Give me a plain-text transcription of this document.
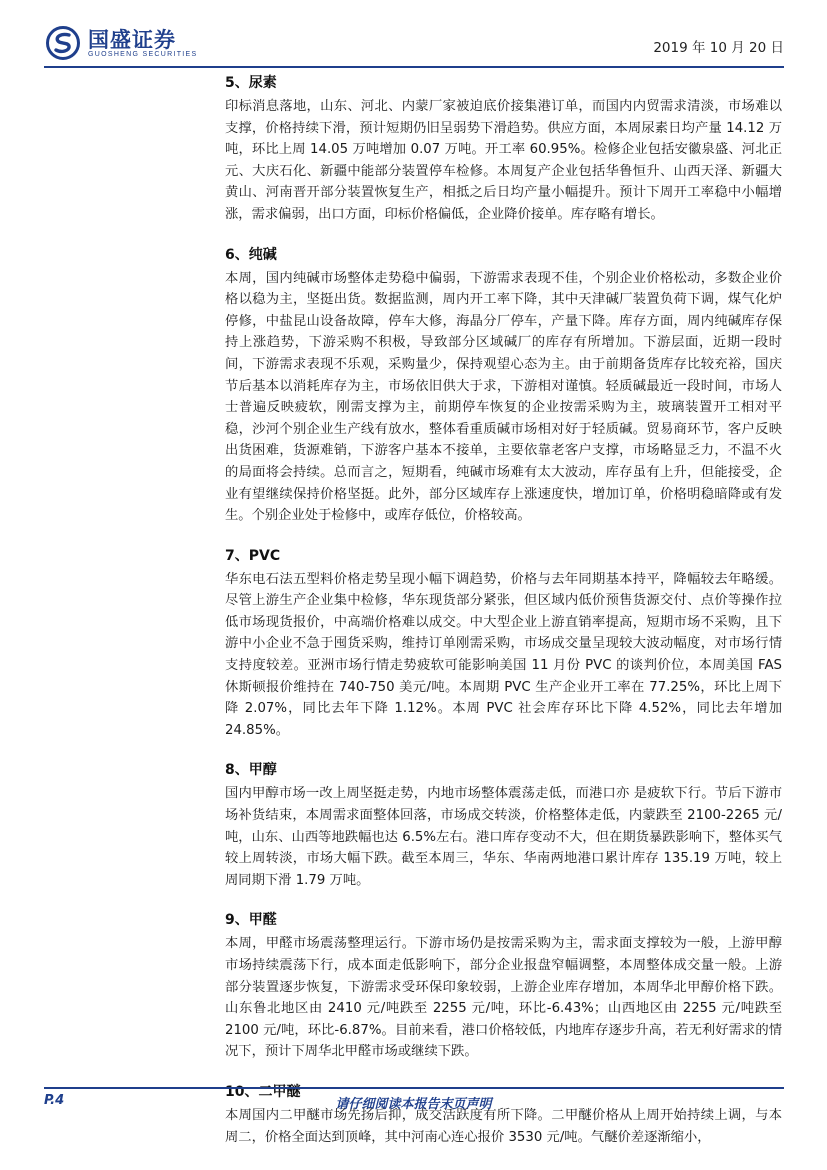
国盛证券
GUOSHENG SECURITIES	2019 年 10 月 20 日
5、尿素

印标消息落地，山东、河北、内蒙厂家被迫底价接集港订单，而国内内贸需求清淡，市场难以支撑，价格持续下滑，预计短期仍旧呈弱势下滑趋势。供应方面，本周尿素日均产量 14.12 万吨，环比上周 14.05 万吨增加 0.07 万吨。开工率 60.95%。检修企业包括安徽泉盛、河北正元、大庆石化、新疆中能部分装置停车检修。本周复产企业包括华鲁恒升、山西天泽、新疆大黄山、河南晋开部分装置恢复生产，相抵之后日均产量小幅提升。预计下周开工率稳中小幅增涨，需求偏弱，出口方面，印标价格偏低，企业降价接单。库存略有增长。

6、纯碱

本周，国内纯碱市场整体走势稳中偏弱，下游需求表现不佳，个别企业价格松动，多数企业价格以稳为主，坚挺出货。数据监测，周内开工率下降，其中天津碱厂装置负荷下调，煤气化炉停修，中盐昆山设备故障，停车大修，海晶分厂停车，产量下降。库存方面，周内纯碱库存保持上涨趋势，下游采购不积极，导致部分区域碱厂的库存有所增加。下游层面，近期一段时间，下游需求表现不乐观，采购量少，保持观望心态为主。由于前期备货库存比较充裕，国庆节后基本以消耗库存为主，市场依旧供大于求，下游相对谨慎。轻质碱最近一段时间，市场人士普遍反映疲软，刚需支撑为主，前期停车恢复的企业按需采购为主，玻璃装置开工相对平稳，沙河个别企业生产线有放水，整体看重质碱市场相对好于轻质碱。贸易商环节，客户反映出货困难，货源难销，下游客户基本不接单，主要依靠老客户支撑，市场略显乏力，不温不火的局面将会持续。总而言之，短期看，纯碱市场难有太大波动，库存虽有上升，但能接受，企业有望继续保持价格坚挺。此外，部分区域库存上涨速度快，增加订单，价格明稳暗降或有发生。个别企业处于检修中，或库存低位，价格较高。

7、PVC

华东电石法五型料价格走势呈现小幅下调趋势，价格与去年同期基本持平，降幅较去年略缓。尽管上游生产企业集中检修，华东现货部分紧张，但区域内低价预售货源交付、点价等操作拉低市场现货报价，中高端价格难以成交。中大型企业上游直销率提高，短期市场不采购，且下游中小企业不急于囤货采购，维持订单刚需采购，市场成交量呈现较大波动幅度，对市场行情支持度较差。亚洲市场行情走势疲软可能影响美国 11 月份 PVC 的谈判价位，本周美国 FAS 休斯顿报价维持在 740-750 美元/吨。本周期 PVC 生产企业开工率在 77.25%，环比上周下降 2.07%，同比去年下降 1.12%。本周 PVC 社会库存环比下降 4.52%，同比去年增加 24.85%。

8、甲醇

国内甲醇市场一改上周坚挺走势，内地市场整体震荡走低，而港口亦 是疲软下行。节后下游市场补货结束，本周需求面整体回落，市场成交转淡，价格整体走低，内蒙跌至 2100-2265 元/吨，山东、山西等地跌幅也达 6.5%左右。港口库存变动不大，但在期货暴跌影响下，整体买气较上周转淡，市场大幅下跌。截至本周三，华东、华南两地港口累计库存 135.19 万吨，较上周同期下滑 1.79 万吨。

9、甲醛

本周，甲醛市场震荡整理运行。下游市场仍是按需采购为主，需求面支撑较为一般，上游甲醇市场持续震荡下行，成本面走低影响下，部分企业报盘窄幅调整，本周整体成交量一般。上游部分装置逐步恢复，下游需求受环保印象较弱，上游企业库存增加，本周华北甲醇价格下跌。山东鲁北地区由 2410 元/吨跌至 2255 元/吨，环比-6.43%；山西地区由 2255 元/吨跌至 2100 元/吨，环比-6.87%。目前来看，港口价格较低，内地库存逐步升高，若无利好需求的情况下，预计下周华北甲醛市场或继续下跌。

10、二甲醚

本周国内二甲醚市场先扬后抑，成交活跃度有所下降。二甲醚价格从上周开始持续上调，与本周二，价格全面达到顶峰，其中河南心连心报价 3530 元/吨。气醚价差逐渐缩小，

P.4	请仔细阅读本报告末页声明
